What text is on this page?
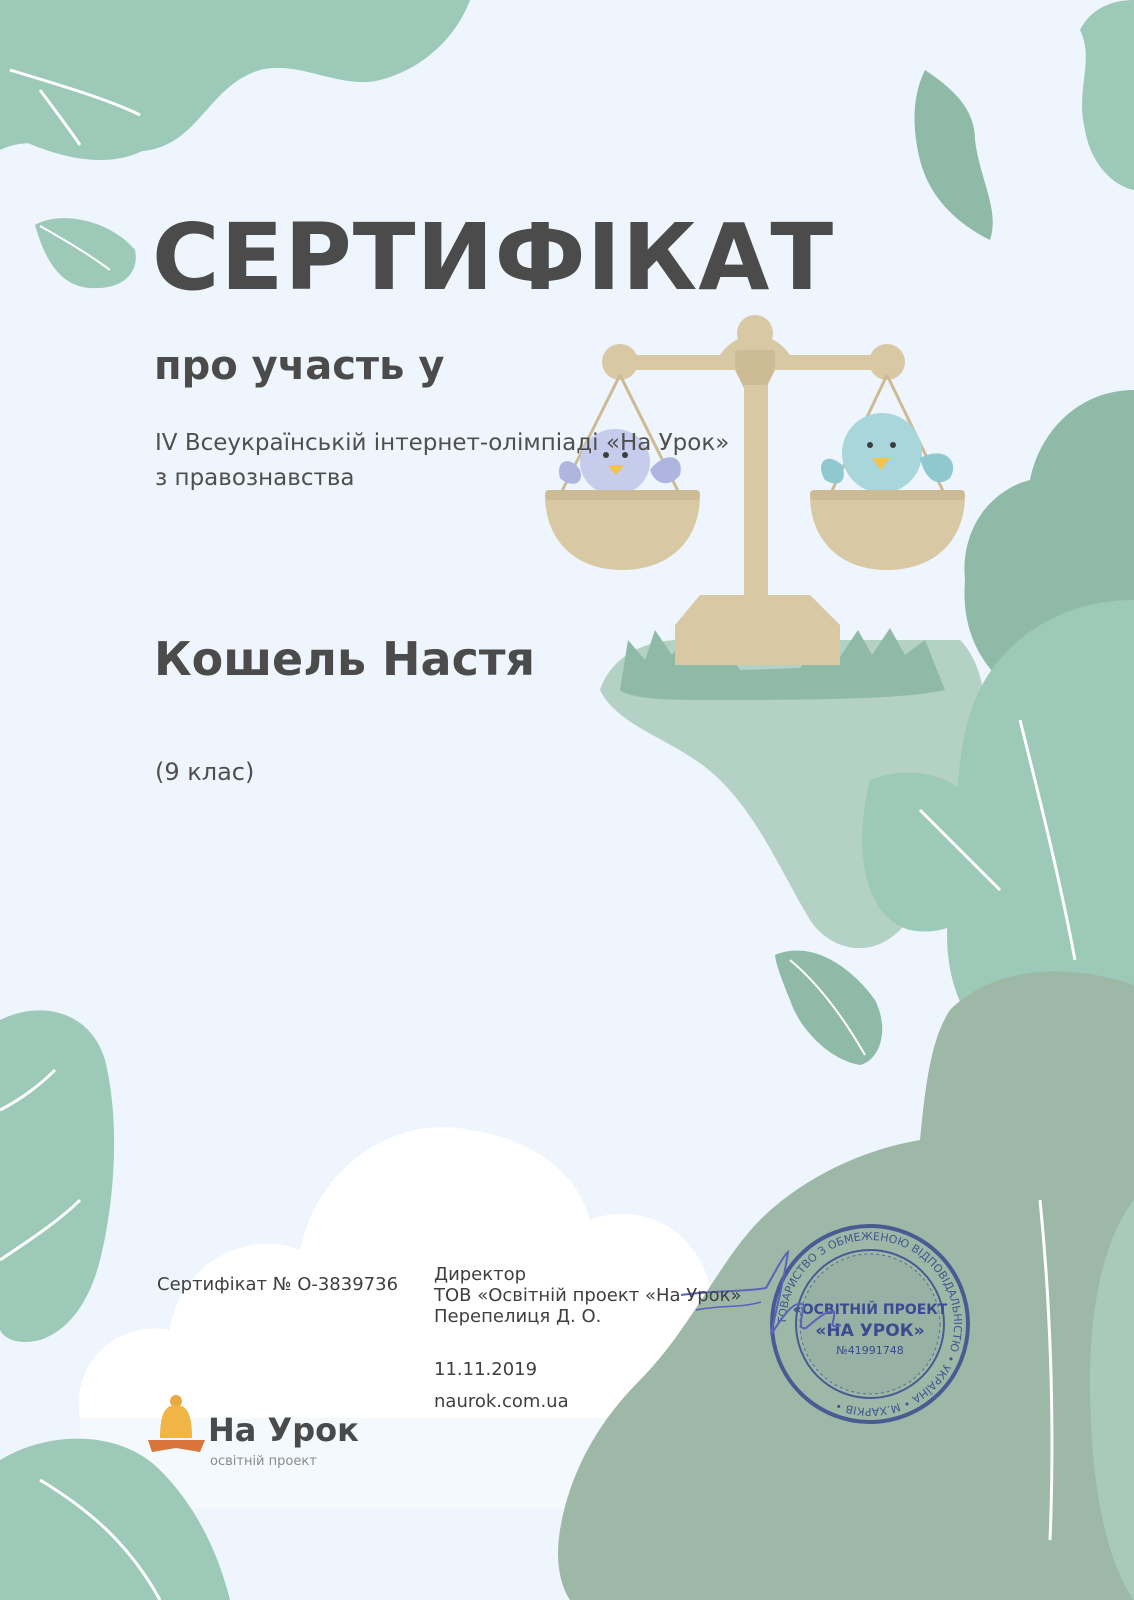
ТОВАРИСТВО З ОБМЕЖЕНОЮ ВІДПОВІДАЛЬНІСТЮ • УКРАЇНА • М.ХАРКІВ •
«ОСВІТНІЙ ПРОЕКТ
«НА УРОК»
№41991748
СЕРТИФІКАТ
про участь у
IV Всеукраїнській інтернет-олімпіаді «На Урок»
з правознавства
Кошель Настя
(9 клас)
Сертифікат № О-3839736 Директор
ТОВ «Освітній проект «На Урок»
Перепелиця Д. О.
11.11.2019
naurok.com.ua
На Урок
освітній проект
